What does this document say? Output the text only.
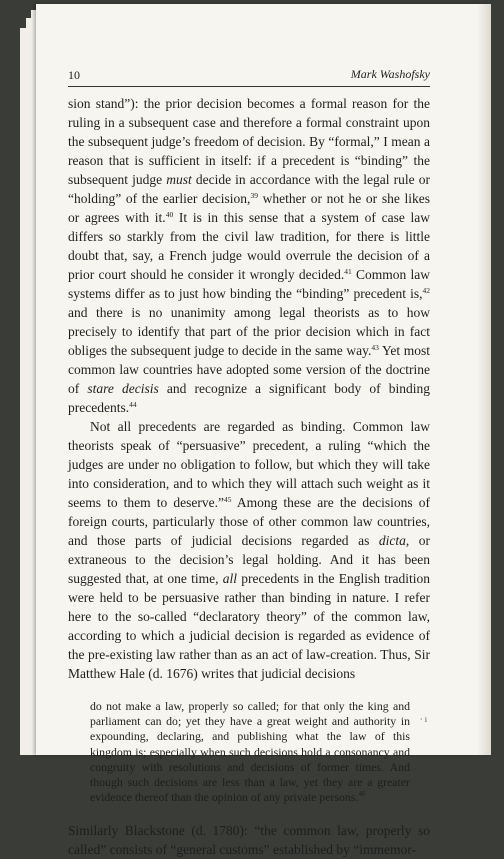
10	Mark Washofsky

sion stand”): the prior decision becomes a formal reason for the ruling in a subsequent case and therefore a formal constraint upon the subsequent judge’s freedom of decision. By “formal,” I mean a reason that is sufficient in itself: if a precedent is “binding” the subsequent judge must decide in accordance with the legal rule or “holding” of the earlier decision,$^{39}$ whether or not he or she likes or agrees with it.$^{40}$ It is in this sense that a system of case law differs so starkly from the civil law tradition, for there is little doubt that, say, a French judge would overrule the decision of a prior court should he consider it wrongly decided.$^{41}$ Common law systems differ as to just how binding the “binding” precedent is,$^{42}$ and there is no unanimity among legal theorists as to how precisely to identify that part of the prior decision which in fact obliges the subsequent judge to decide in the same way.$^{43}$ Yet most common law countries have adopted some version of the doctrine of stare decisis and recognize a significant body of binding precedents.$^{44}$

Not all precedents are regarded as binding. Common law theorists speak of “persuasive” precedent, a ruling “which the judges are under no obligation to follow, but which they will take into consideration, and to which they will attach such weight as it seems to them to deserve.”$^{45}$ Among these are the decisions of foreign courts, particularly those of other common law countries, and those parts of judicial decisions regarded as dicta, or extraneous to the decision’s legal holding. And it has been suggested that, at one time, all precedents in the English tradition were held to be persuasive rather than binding in nature. I refer here to the so-called “declaratory theory” of the common law, according to which a judicial decision is regarded as evidence of the pre-existing law rather than as an act of law-creation. Thus, Sir Matthew Hale (d. 1676) writes that judicial decisions

do not make a law, properly so called; for that only the king and parliament can do; yet they have a great weight and authority in expounding, declaring, and publishing what the law of this kingdom is; especially when such decisions hold a consonancy and congruity with resolutions and decisions of former times. And though such decisions are less than a law, yet they are a greater evidence thereof than the opinion of any private persons.$^{46}$

Similarly Blackstone (d. 1780): “the common law, properly so called” consists of “general customs” established by “immemor-

⸱ ı
